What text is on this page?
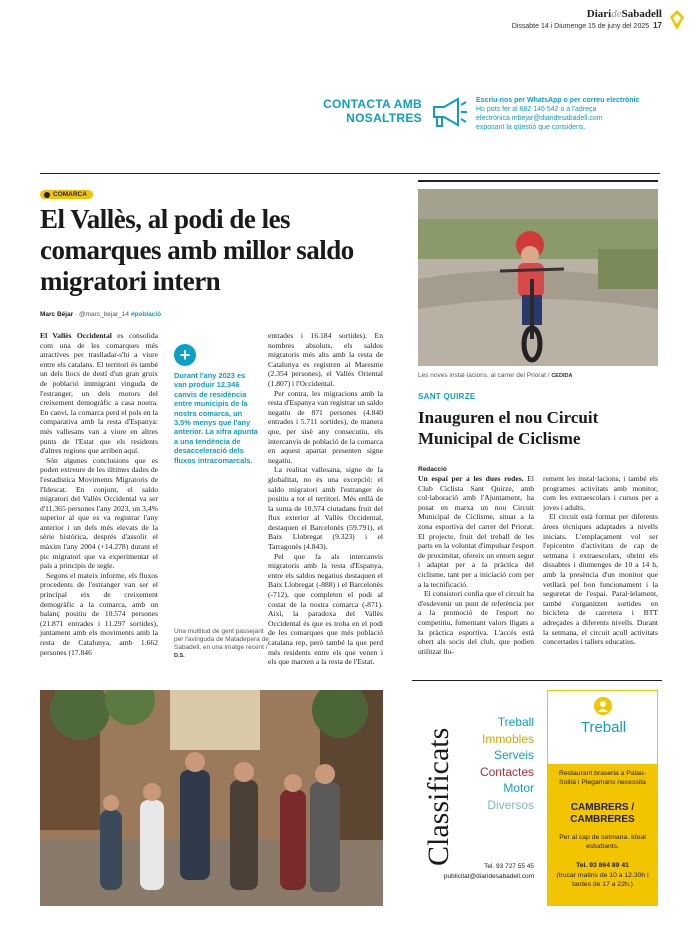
DiarideSabadell
Dissabte 14 i Diumenge 15 de juny del 2025 17
CONTACTA AMB NOSALTRES
Escriu-nos per WhatsApp o per correu electrònic
Ho pots fer al 682 146 542 o a l'adreça
electrònica mbejar@diaridesabadell.com
exposant la qüestió que consideris.
COMARCA
El Vallès, al podi de les comarques amb millor saldo migratori intern
Marc Béjar · @marc_bejar_14 #població

El Vallès Occidental es consolida com una de les comarques més atractives per traslladar-s'hi a viure entre els catalans. El territori és també un dels llocs de destí d'un gran gruix de població immigrant vinguda de l'estranger, un dels motors del creixement demogràfic a casa nostra. En canvi, la comarca perd el pols en la comparativa amb la resta d'Espanya: més vallesans van a viure en altres punts de l'Estat que els residents d'altres regions que arriben aquí.

Són algunes conclusions que es poden extreure de les últimes dades de l'estadística Moviments Migratoris de l'Idescat. En conjunt, el saldo migratori del Vallès Occidental va ser d'11.365 persones l'any 2023, un 3,4% superior al que es va registrar l'any anterior i un dels més elevats de la sèrie històrica, després d'assolir el màxim l'any 2004 (+14.278) durant el pic migratori que va experimentar el país a principis de segle.

Segons el mateix informe, els fluxos procedents de l'estranger van ser el principal eix de creixement demogràfic a la comarca, amb un balanç positiu de 10.574 persones (21.871 entrades i 11.297 sortides), juntament amb els moviments amb la resta de Catalunya, amb 1.662 persones (17.846

+
Durant l'any 2023 es van produir 12.346 canvis de residència entre municipis de la nostra comarca, un 3,5% menys que l'any anterior. La xifra apunta a una tendència de desacceleració dels fluxos intracomarcals.
Una multitud de gent passejant per l'avinguda de Matadepera de Sabadell, en una imatge recent / D.S.

entrades i 16.184 sortides). En nombres absoluts, els saldos migratoris més alts amb la resta de Catalunya es registren al Maresme (2.354 persones), el Vallès Oriental (1.807) i l'Occidental.

Per contra, les migracions amb la resta d'Espanya van registrar un saldo negatiu de 871 persones (4.840 entrades i 5.711 sortides), de manera que, per sisè any consecutiu, els intercanvis de població de la comarca en aquest apartat presenten signe negatiu.

La realitat vallesana, signe de la globalitat, no és una excepció: el saldo migratori amb l'estranger és positiu a tot el territori. Més enllà de la suma de 10.574 ciutadans fruit del flux exterior al Vallès Occidental, destaquen el Barcelonès (59.791), el Baix Llobregat (9.323) i el Tarragonès (4.843).

Pel que fa als intercanvis migratoris amb la resta d'Espanya, entre els saldos negatius destaquen el Baix Llobregat (-888) i el Barcelonès (-712), que completen el podi al costat de la nostra comarca (-871). Així, la paradoxa del Vallès Occidental és que es troba en el podi de les comarques que més població catalana rep, però també la que perd més residents entre els que venen i els que marxen a la resta de l'Estat.

Les noves instal·lacions, al carrer del Priorat / CEDIDA
SANT QUIRZE
Inauguren el nou Circuit Municipal de Ciclisme
Redacció

Un espai per a les dues rodes. El Club Ciclista Sant Quirze, amb col·laboració amb l'Ajuntament, ha posat en marxa un nou Circuit Municipal de Ciclisme, situat a la zona esportiva del carrer del Priorat. El projecte, fruit del treball de les parts en la voluntat d'impulsar l'esport de proximitat, ofereix un entorn segur i adaptat per a la pràctica del ciclisme, tant per a iniciació com per a la tecnificació.

El consistori confia que el circuit ha d'esdevenir un punt de referència per a la promoció de l'esport no competitiu, fomentant valors lligats a la pràctica esportiva. L'accés està obert als socis del club, que podien utilitzar llu-

rement les instal·lacions, i també els programes activitats amb monitor, com les extraescolars i cursos per a joves i adults.

El circuit està format per diferents àrees tècniques adaptades a nivells iniciats. L'emplaçament vol ser l'epicentre d'activitats de cap de setmana i extraescolars, obrint els dissabtes i diumenges de 10 a 14 h, amb la presència d'un monitor que vetllarà pel bon funcionament i la seguretat de l'espai. Paral·lelament, també s'organitzen sortides en bicicleta de carretera i BTT adreçades a diferents nivells. Durant la setmana, el circuit acull activitats concertades i tallers educatius.

Classificats
Treball
Immobles
Serveis
Contactes
Motor
Diversos
Tel. 93 727 55 45
publicitat@diaridesabadell.com
Treball
Restaurant braseria a Palau-Solità i Plegamans necessita
CAMBRERS / CAMBRERES
Per al cap de setmana. Ideal estudiants.
Tel. 93 864 89 41
(trucar matins de 10 a 12.30h i tardes de 17 a 22h.)
